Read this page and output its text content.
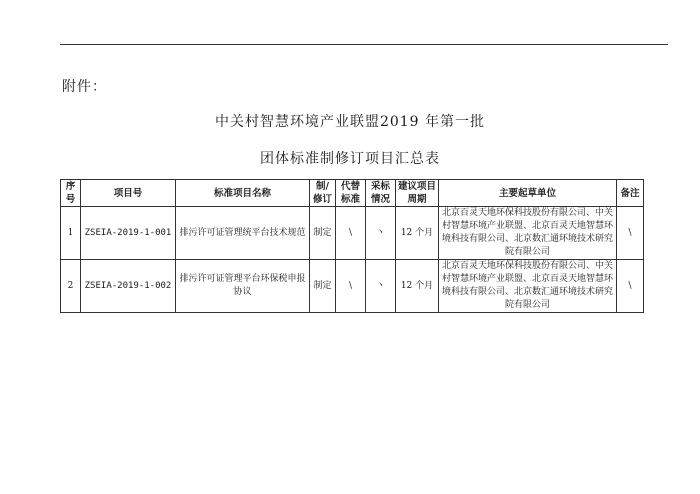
附件：
中关村智慧环境产业联盟2019 年第一批
团体标准制修订项目汇总表
序号	项目号	标准项目名称	制/修订	代替标准	采标情况	建议项目周期	主要起草单位	备注
1	ZSEIA-2019-1-001	排污许可证管理统平台技术规范	制定	\	丶	12 个月	北京百灵天地环保科技股份有限公司、中关村智慧环境产业联盟、北京百灵天地智慧环境科技有限公司、北京数汇通环境技术研究院有限公司	\
2	ZSEIA-2019-1-002	排污许可证管理平台环保税申报协议	制定	\	丶	12 个月	北京百灵天地环保科技股份有限公司、中关村智慧环境产业联盟、北京百灵天地智慧环境科技有限公司、北京数汇通环境技术研究院有限公司	\
